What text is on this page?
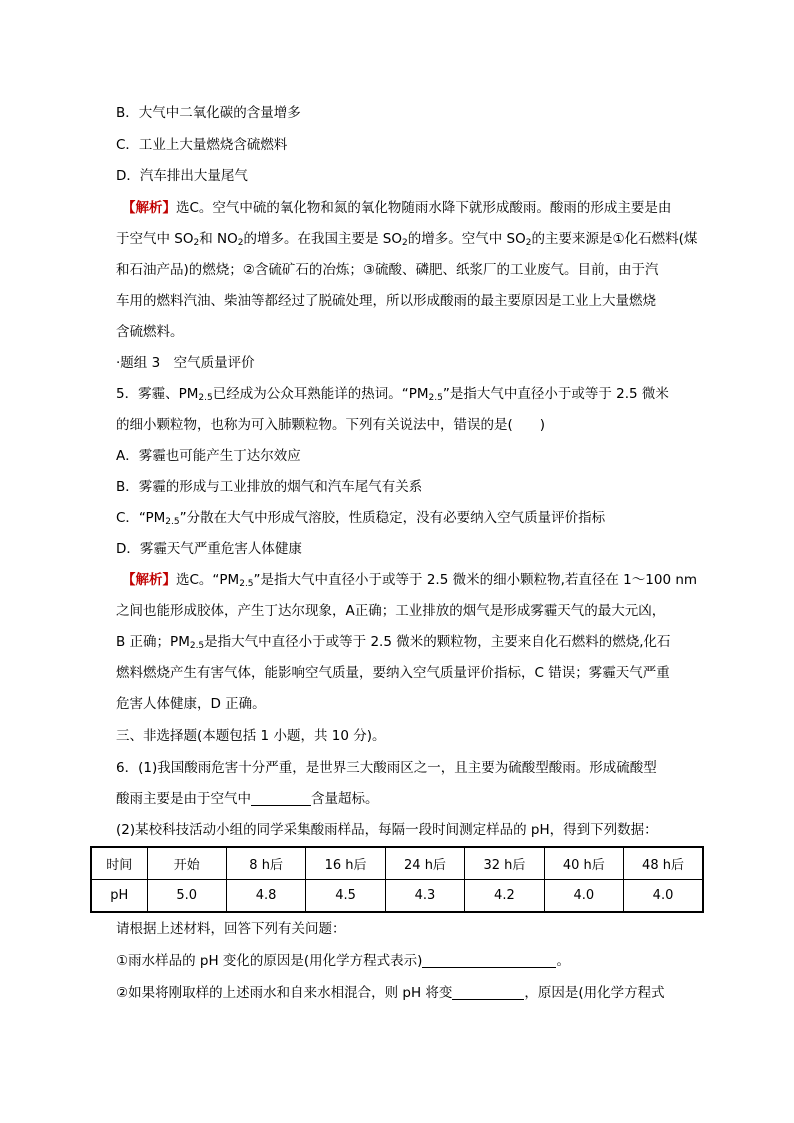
B．大气中二氧化碳的含量增多
C．工业上大量燃烧含硫燃料
D．汽车排出大量尾气
【解析】选C。空气中硫的氧化物和氮的氧化物随雨水降下就形成酸雨。酸雨的形成主要是由
于空气中 $SO_2$和 $NO_2$的增多。在我国主要是 $SO_2$的增多。空气中 $SO_2$的主要来源是①化石燃料(煤
和石油产品)的燃烧；②含硫矿石的冶炼；③硫酸、磷肥、纸浆厂的工业废气。目前，由于汽
车用的燃料汽油、柴油等都经过了脱硫处理，所以形成酸雨的最主要原因是工业上大量燃烧
含硫燃料。
·题组 3　空气质量评价
5．雾霾、$PM_{2.5}$已经成为公众耳熟能详的热词。“$PM_{2.5}$”是指大气中直径小于或等于 2.5 微米
的细小颗粒物，也称为可入肺颗粒物。下列有关说法中，错误的是(　　)
A．雾霾也可能产生丁达尔效应
B．雾霾的形成与工业排放的烟气和汽车尾气有关系
C．“$PM_{2.5}$”分散在大气中形成气溶胶，性质稳定，没有必要纳入空气质量评价指标
D．雾霾天气严重危害人体健康
【解析】选C。“$PM_{2.5}$”是指大气中直径小于或等于 2.5 微米的细小颗粒物,若直径在 1～100 nm
之间也能形成胶体，产生丁达尔现象，A正确；工业排放的烟气是形成雾霾天气的最大元凶，
B 正确；$PM_{2.5}$是指大气中直径小于或等于 2.5 微米的颗粒物，主要来自化石燃料的燃烧,化石
燃料燃烧产生有害气体，能影响空气质量，要纳入空气质量评价指标，C 错误；雾霾天气严重
危害人体健康，D 正确。
三、非选择题(本题包括 1 小题，共 10 分)。
6．(1)我国酸雨危害十分严重，是世界三大酸雨区之一，且主要为硫酸型酸雨。形成硫酸型
酸雨主要是由于空气中	含量超标。
(2)某校科技活动小组的同学采集酸雨样品，每隔一段时间测定样品的 pH，得到下列数据：
时间	开始	8 h后	16 h后	24 h后	32 h后	40 h后	48 h后
pH	5.0	4.8	4.5	4.3	4.2	4.0	4.0
请根据上述材料，回答下列有关问题：
①雨水样品的 pH 变化的原因是(用化学方程式表示)	。
②如果将刚取样的上述雨水和自来水相混合，则 pH 将变	，原因是(用化学方程式
